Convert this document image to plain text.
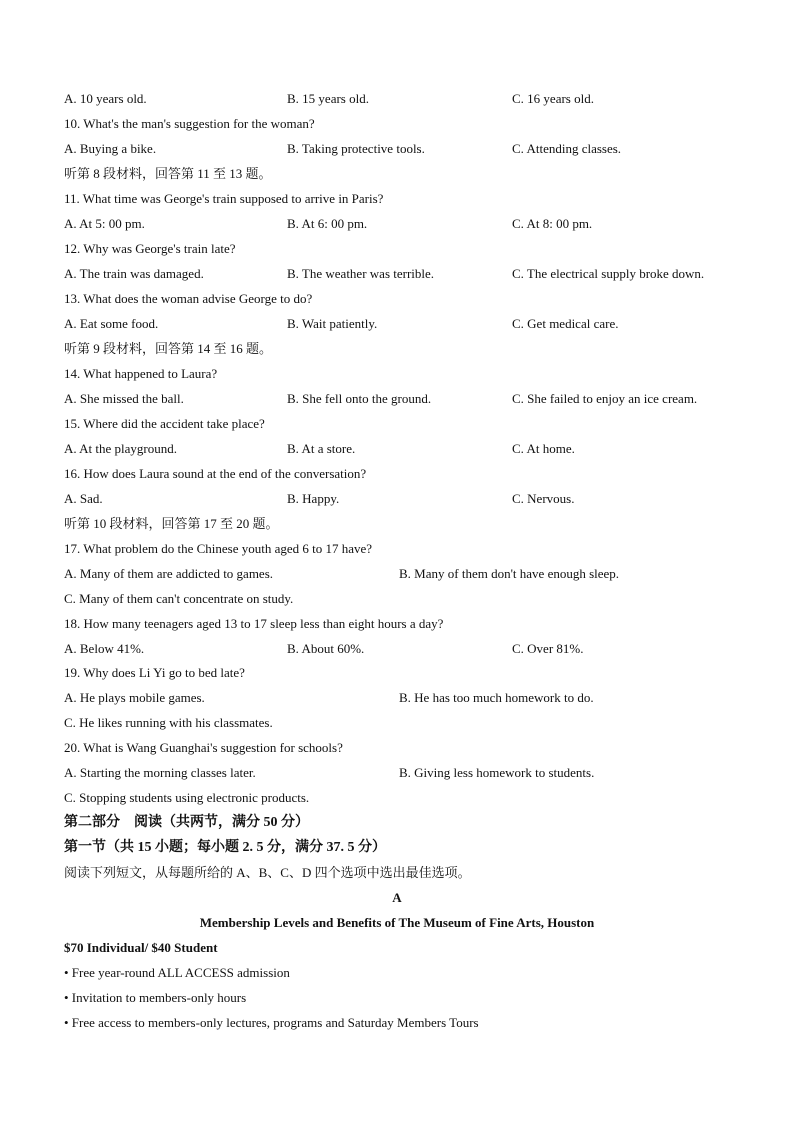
A. 10 years old.	B. 15 years old.	C. 16 years old.
10. What's the man's suggestion for the woman?
A. Buying a bike.	B. Taking protective tools.	C. Attending classes.
听第 8 段材料，回答第 11 至 13 题。
11. What time was George's train supposed to arrive in Paris?
A. At 5: 00 pm.	B. At 6: 00 pm.	C. At 8: 00 pm.
12. Why was George's train late?
A. The train was damaged.	B. The weather was terrible.	C. The electrical supply broke down.
13. What does the woman advise George to do?
A. Eat some food.	B. Wait patiently.	C. Get medical care.
听第 9 段材料，回答第 14 至 16 题。
14. What happened to Laura?
A. She missed the ball.	B. She fell onto the ground.	C. She failed to enjoy an ice cream.
15. Where did the accident take place?
A. At the playground.	B. At a store.	C. At home.
16. How does Laura sound at the end of the conversation?
A. Sad.	B. Happy.	C. Nervous.
听第 10 段材料，回答第 17 至 20 题。
17. What problem do the Chinese youth aged 6 to 17 have?
A. Many of them are addicted to games.	B. Many of them don't have enough sleep.
C. Many of them can't concentrate on study.
18. How many teenagers aged 13 to 17 sleep less than eight hours a day?
A. Below 41%.	B. About 60%.	C. Over 81%.
19. Why does Li Yi go to bed late?
A. He plays mobile games.	B. He has too much homework to do.
C. He likes running with his classmates.
20. What is Wang Guanghai's suggestion for schools?
A. Starting the morning classes later.	B. Giving less homework to students.
C. Stopping students using electronic products.
第二部分　阅读（共两节，满分 50 分）
第一节（共 15 小题；每小题 2. 5 分，满分 37. 5 分）
阅读下列短文，从每题所给的 A、B、C、D 四个选项中选出最佳选项。
A
Membership Levels and Benefits of The Museum of Fine Arts, Houston
$70 Individual/ $40 Student
• Free year-round ALL ACCESS admission
• Invitation to members-only hours
• Free access to members-only lectures, programs and Saturday Members Tours
